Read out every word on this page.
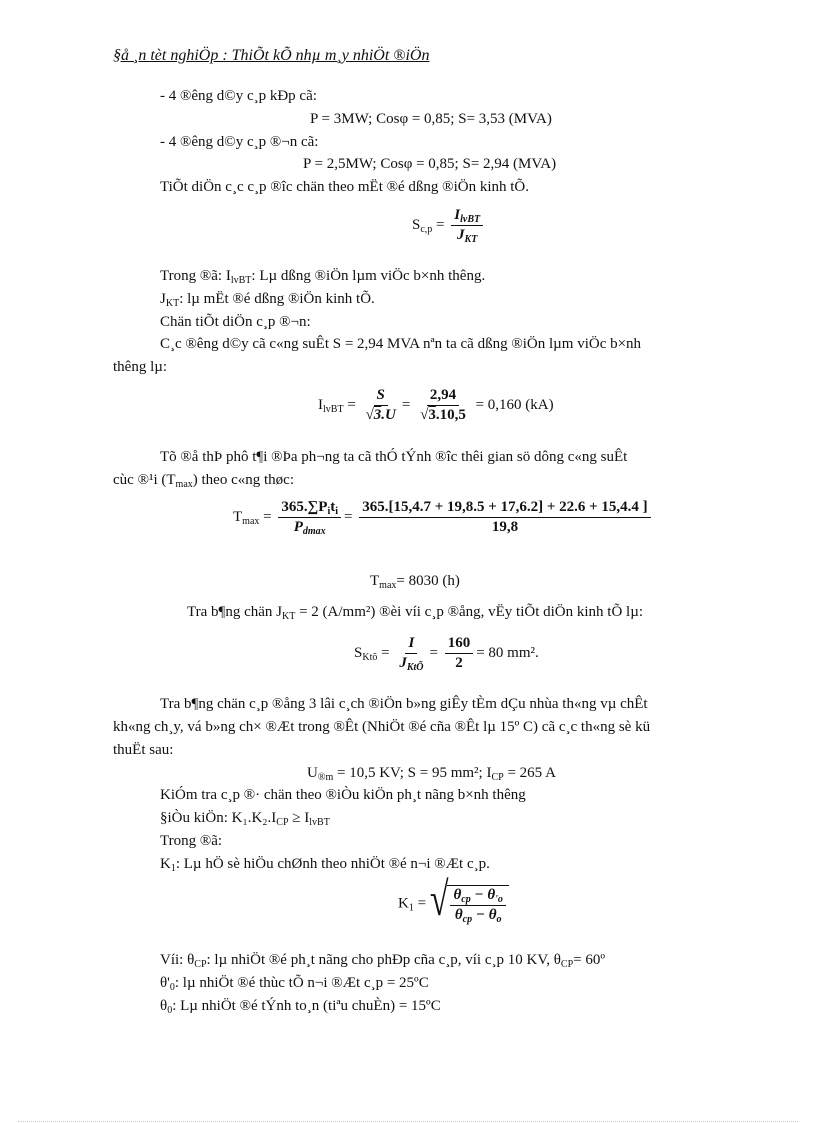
§å ¸n tèt nghiÖp : ThiÕt kÕ nhµ m¸y nhiÖt ®iÖn
- 4 ®êng d©y c¸p kÐp cã:
P = 3MW; Cosφ = 0,85; S= 3,53 (MVA)
- 4 ®êng d©y c¸p ®¬n cã:
P = 2,5MW; Cosφ = 0,85; S= 2,94 (MVA)
TiÕt diÖn c¸c c¸p ®îc chän theo mËt ®é dßng ®iÖn kinh tÕ.
$S_{c,p} = \frac{I_{lvBT}}{J_{KT}}$
Trong ®ã: $I_{lvBT}$: Lµ dßng ®iÖn lµm viÖc b×nh thêng.
$J_{KT}$: lµ mËt ®é dßng ®iÖn kinh tÕ.
Chän tiÕt diÖn c¸p ®¬n:
C¸c ®êng d©y cã c«ng suÊt S = 2,94 MVA nªn ta cã dßng ®iÖn lµm viÖc b×nh
thêng lµ:
$I_{lvBT} = \frac{S}{√3.U} = \frac{2,94}{√3.10,5} = 0,160$ (kA)
Tõ ®å thÞ phô t¶i ®Þa ph¬ng ta cã thÓ tÝnh ®îc thêi gian sö dông c«ng suÊt
cùc ®¹i $(T_{max})$ theo c«ng thøc:
$T_{max} = \frac{365.\sum P_it_i}{P_{dmax}} = \frac{365.[15,4.7 + 19,8.5 + 17,6.2] + 22.6 + 15,4.4 ]}{19,8}$
$T_{max}= 8030$ (h)
Tra b¶ng chän $J_{KT} = 2$ (A/mm²) ®èi víi c¸p ®ång, vËy tiÕt diÖn kinh tÕ lµ:
$S_{Ktõ} = \frac{I}{J_{KtÕ}} = \frac{160}{2} = 80$ mm².
Tra b¶ng chän c¸p ®ång 3 lâi c¸ch ®iÖn b»ng giÊy tÈm dÇu nhùa th«ng vµ chÊt
kh«ng ch¸y, vá b»ng ch× ®Æt trong ®Êt (NhiÖt ®é cña ®Êt lµ 15º C) cã c¸c th«ng sè kü
thuËt sau:
$U_{®m} = 10,5$ KV; S = 95 mm²; $I_{CP} = 265$ A
KiÓm tra c¸p ®· chän theo ®iÒu kiÖn ph¸t nãng b×nh thêng
§iÒu kiÖn: $K_1.K_2.I_{CP} \ge I_{lvBT}$
Trong ®ã:
$K_1$: Lµ hÖ sè hiÖu chØnh theo nhiÖt ®é n¬i ®Æt c¸p.
$K_1$ = √ $\frac{\theta_{cp} - \theta_{'o}}{\theta_{cp} - \theta_o}$
Víi: $\theta_{CP}$: lµ nhiÖt ®é ph¸t nãng cho phÐp cña c¸p, víi c¸p 10 KV, $\theta_{CP}=$ 60º
$\theta'_0$: lµ nhiÖt ®é thùc tÕ n¬i ®Æt c¸p = 25ºC
$\theta_0$: Lµ nhiÖt ®é tÝnh to¸n (tiªu chuÈn) = 15ºC
